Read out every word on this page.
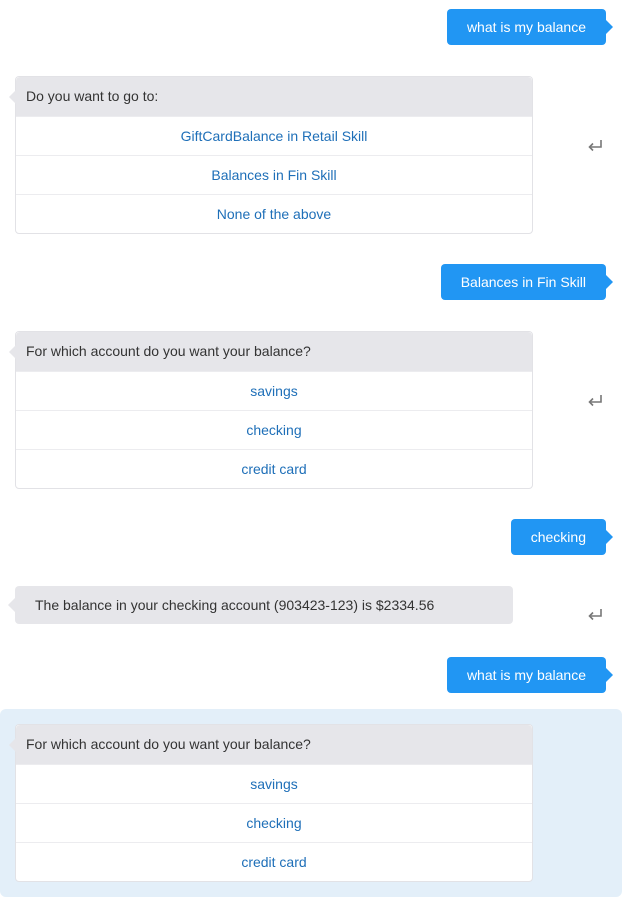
what is my balance
Do you want to go to:
GiftCardBalance in Retail Skill
Balances in Fin Skill
None of the above
Balances in Fin Skill
For which account do you want your balance?
savings
checking
credit card
checking
The balance in your checking account (903423-123) is $2334.56
what is my balance
For which account do you want your balance?
savings
checking
credit card
